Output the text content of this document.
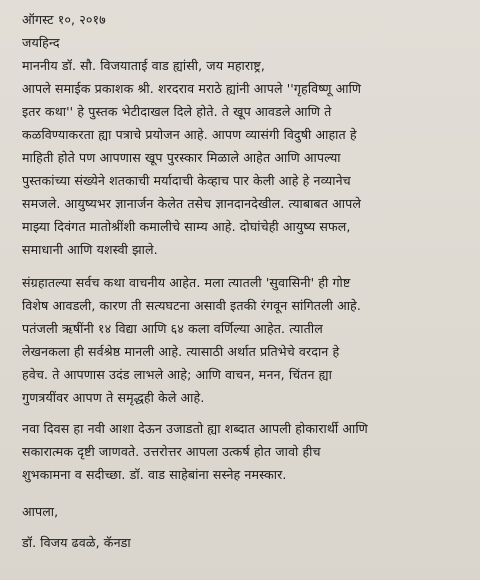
ऑगस्ट १०, २०१७
जयहिन्द
माननीय डॉ. सौ. विजयाताई वाड ह्यांसी, जय महाराष्ट्र,
आपले समाईक प्रकाशक श्री. शरदराव मराठे ह्यांनी आपले ''गृहविष्णू आणि
इतर कथा'' हे पुस्तक भेटीदाखल दिले होते. ते खूप आवडले आणि ते
कळविण्याकरता ह्या पत्राचे प्रयोजन आहे. आपण व्यासंगी विदुषी आहात हे
माहिती होते पण आपणास खूप पुरस्कार मिळाले आहेत आणि आपल्या
पुस्तकांच्या संख्येने शतकाची मर्यादाची केव्हाच पार केली आहे हे नव्यानेच
समजले. आयुष्यभर ज्ञानार्जन केलेत तसेच ज्ञानदानदेखील. त्याबाबत आपले
माझ्या दिवंगत मातोश्रींशी कमालीचे साम्य आहे. दोघांचेही आयुष्य सफल,
समाधानी आणि यशस्वी झाले.
संग्रहातल्या सर्वच कथा वाचनीय आहेत. मला त्यातली 'सुवासिनी' ही गोष्ट
विशेष आवडली, कारण ती सत्यघटना असावी इतकी रंगवून सांगितली आहे.
पतंजली ऋषींनी १४ विद्या आणि ६४ कला वर्णिल्या आहेत. त्यातील
लेखनकला ही सर्वश्रेष्ठ मानली आहे. त्यासाठी अर्थात प्रतिभेचे वरदान हे
हवेच. ते आपणास उदंड लाभले आहे; आणि वाचन, मनन, चिंतन ह्या
गुणत्रयींवर आपण ते समृद्धही केले आहे.
नवा दिवस हा नवी आशा देऊन उजाडतो ह्या शब्दात आपली होकारार्थी आणि
सकारात्मक दृष्टी जाणवते. उत्तरोत्तर आपला उत्कर्ष होत जावो हीच
शुभकामना व सदीच्छा. डॉ. वाड साहेबांना सस्नेह नमस्कार.
आपला,
डॉ. विजय ढवळे, कॅनडा
